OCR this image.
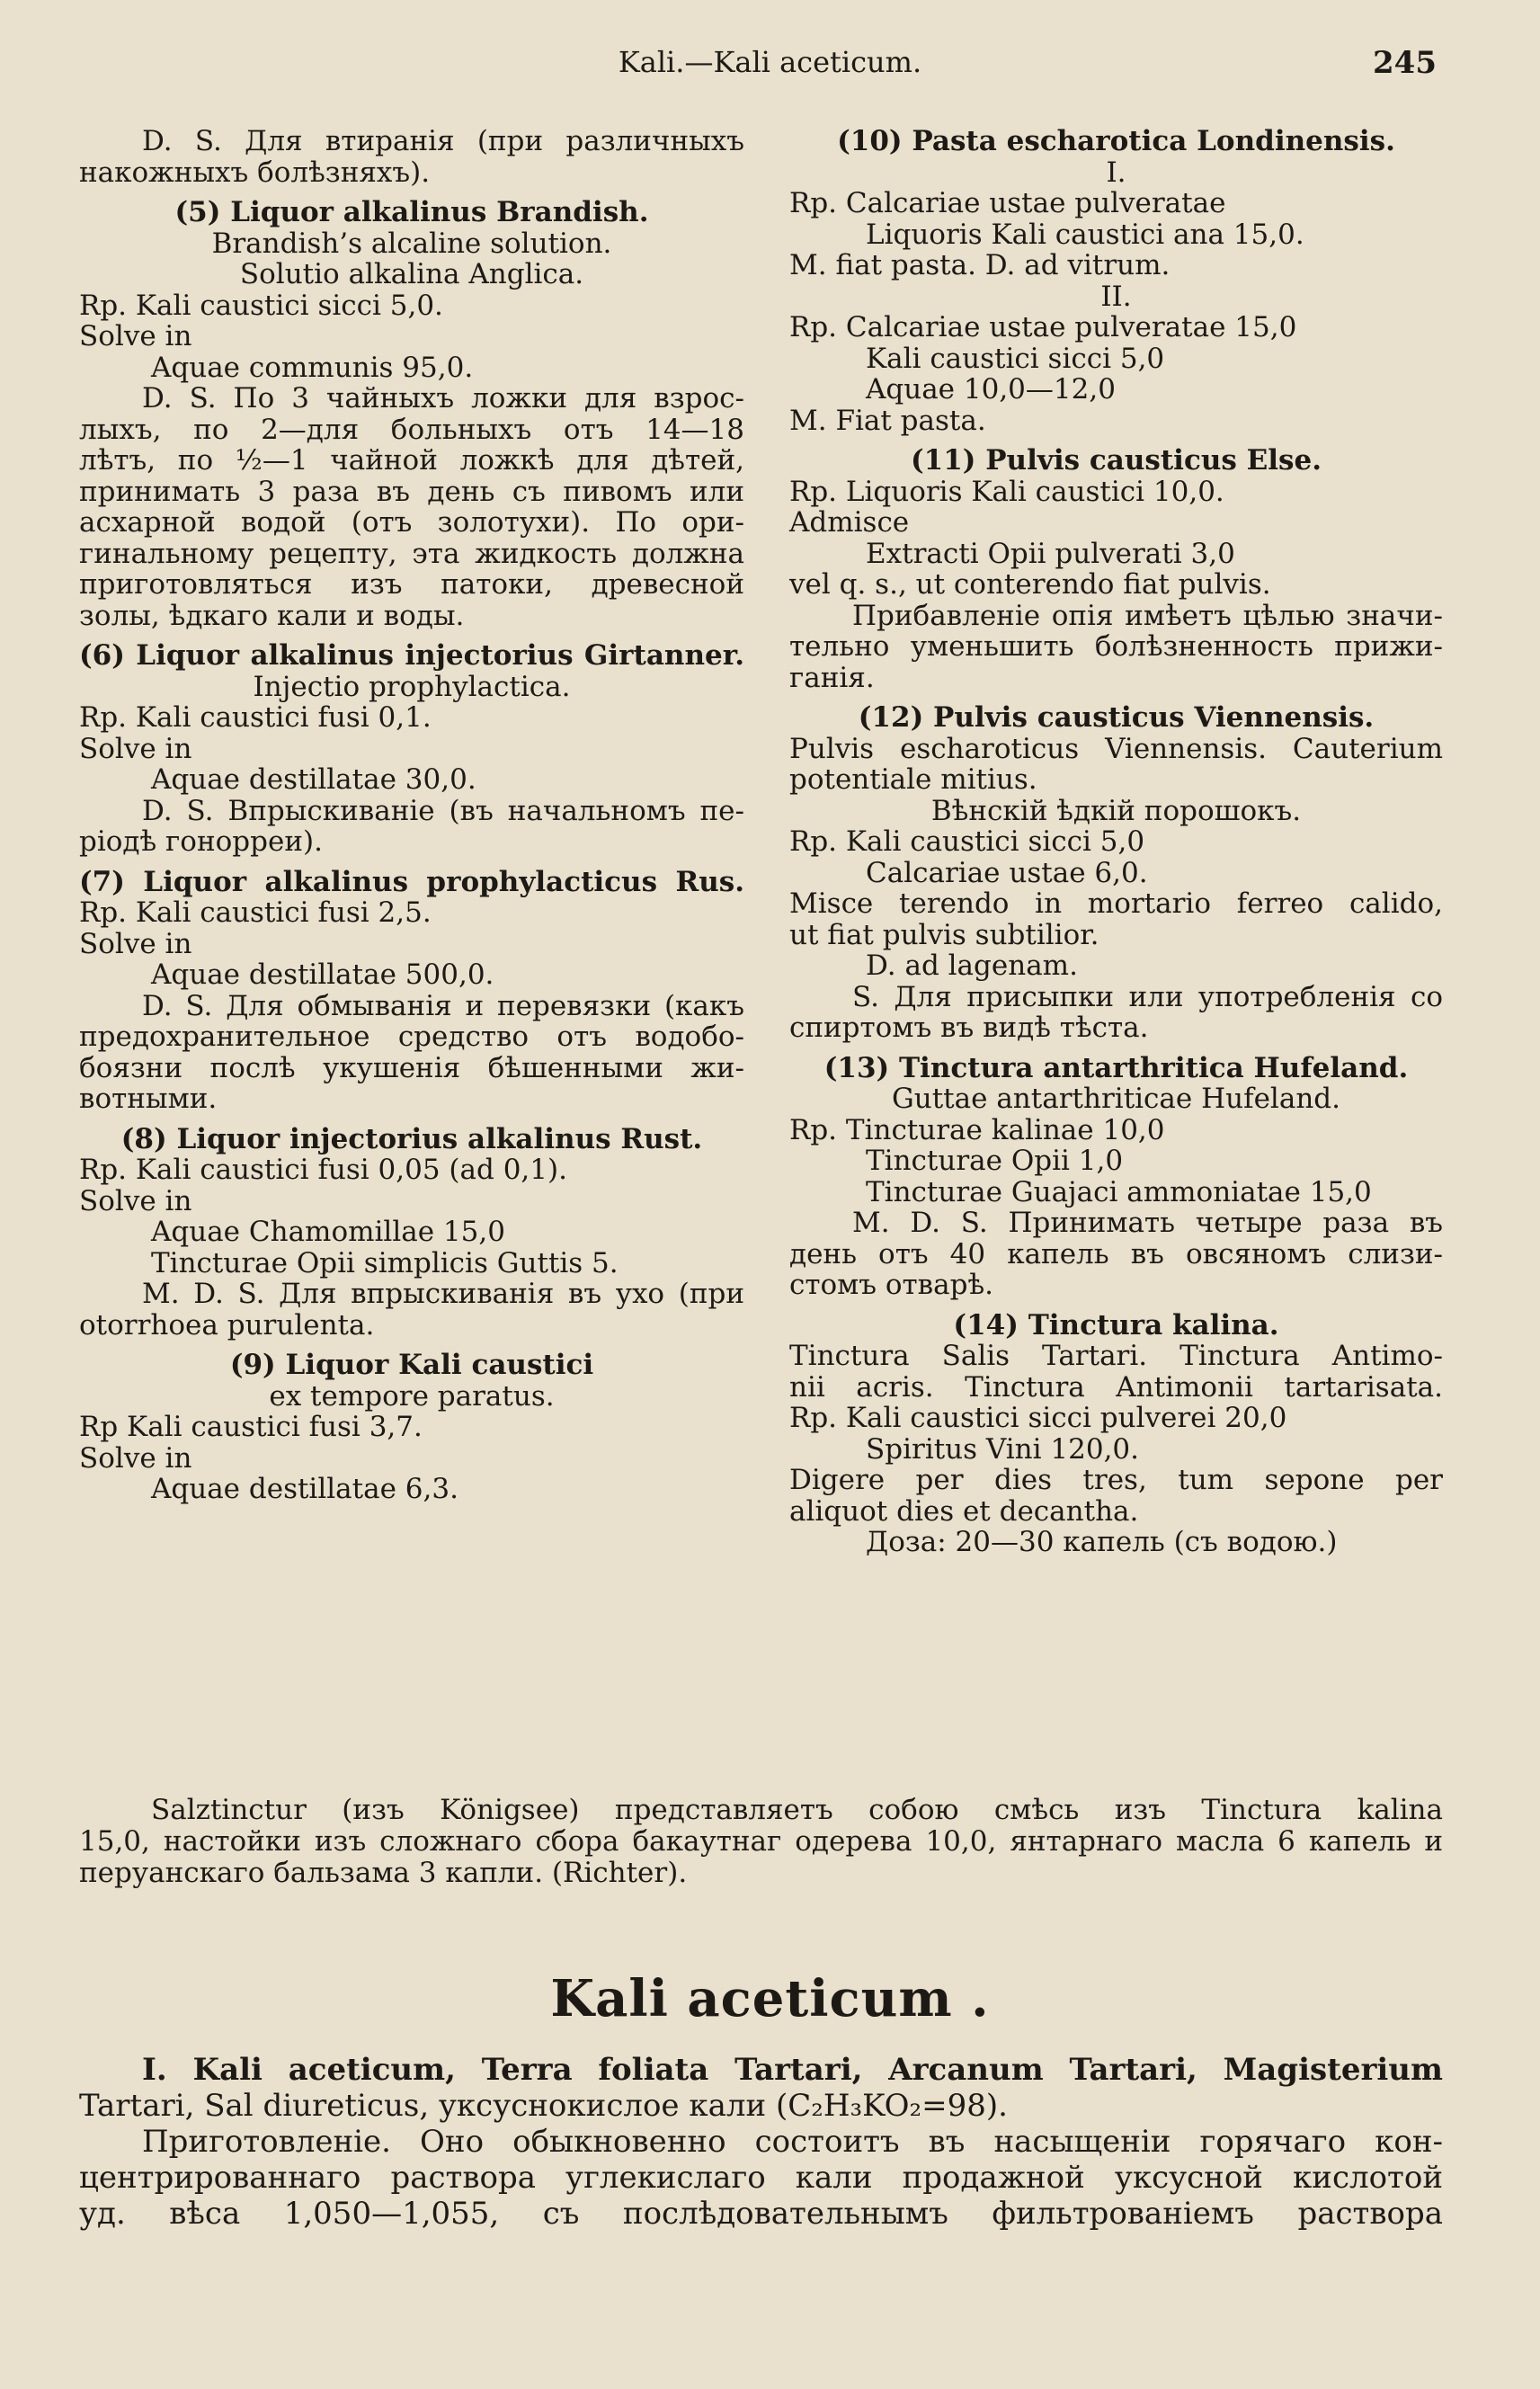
Kali.—Kali aceticum.	245

D. S. Для втиранія (при различныхъ

накожныхъ болѣзняхъ).

(5) Liquor alkalinus Brandish.

Brandish’s alcaline solution.

Solutio alkalina Anglica.

Rp. Kali caustici sicci 5,0.

Solve in

Aquae communis 95,0.

D. S. По 3 чайныхъ ложки для взрос-

лыхъ, по 2—для больныхъ отъ 14—18

лѣтъ, по ½—1 чайной ложкѣ для дѣтей,

принимать 3 раза въ день съ пивомъ или

асхарной водой (отъ золотухи). По ори-

гинальному рецепту, эта жидкость должна

приготовляться изъ патоки, древесной

золы, ѣдкаго кали и воды.

(6) Liquor alkalinus injectorius Girtanner.

Injectio prophylactica.

Rp. Kali caustici fusi 0,1.

Solve in

Aquae destillatae 30,0.

D. S. Впрыскиваніе (въ начальномъ пе-

ріодѣ гонорреи).

(7) Liquor alkalinus prophylacticus Rus.

Rp. Kali caustici fusi 2,5.

Solve in

Aquae destillatae 500,0.

D. S. Для обмыванія и перевязки (какъ

предохранительное средство отъ водобо-

боязни послѣ укушенія бѣшенными жи-

вотными.

(8) Liquor injectorius alkalinus Rust.

Rp. Kali caustici fusi 0,05 (ad 0,1).

Solve in

Aquae Chamomillae 15,0

Tincturae Opii simplicis Guttis 5.

M. D. S. Для впрыскиванія въ ухо (при

otorrhoea purulenta.

(9) Liquor Kali caustici

ex tempore paratus.

Rp Kali caustici fusi 3,7.

Solve in

Aquae destillatae 6,3.

(10) Pasta escharotica Londinensis.

I.

Rp. Calcariae ustae pulveratae

Liquoris Kali caustici ana 15,0.

M. fiat pasta. D. ad vitrum.

II.

Rp. Calcariae ustae pulveratae 15,0

Kali caustici sicci 5,0

Aquae 10,0—12,0

M. Fiat pasta.

(11) Pulvis causticus Else.

Rp. Liquoris Kali caustici 10,0.

Admisce

Extracti Opii pulverati 3,0

vel q. s., ut conterendo fiat pulvis.

Прибавленіе опія имѣетъ цѣлью значи-

тельно уменьшить болѣзненность прижи-

ганія.

(12) Pulvis causticus Viennensis.

Pulvis escharoticus Viennensis. Cauterium

potentiale mitius.

Вѣнскій ѣдкій порошокъ.

Rp. Kali caustici sicci 5,0

Calcariae ustae 6,0.

Misce terendo in mortario ferreo calido,

ut fiat pulvis subtilior.

D. ad lagenam.

S. Для присыпки или употребленія со

спиртомъ въ видѣ тѣста.

(13) Tinctura antarthritica Hufeland.

Guttae antarthriticae Hufeland.

Rp. Tincturae kalinae 10,0

Tincturae Opii 1,0

Tincturae Guajaci ammoniatae 15,0

M. D. S. Принимать четыре раза въ

день отъ 40 капель въ овсяномъ слизи-

стомъ отварѣ.

(14) Tinctura kalina.

Tinctura Salis Tartari. Tinctura Antimo-

nii acris. Tinctura Antimonii tartarisata.

Rp. Kali caustici sicci pulverei 20,0

Spiritus Vini 120,0.

Digere per dies tres, tum sepone per

aliquot dies et decantha.

Доза: 20—30 капель (съ водою.)

Salztinctur (изъ Königsee) представляетъ собою смѣсь изъ Tinctura kalina

15,0, настойки изъ сложнаго сбора бакаутнаг одерева 10,0, янтарнаго масла 6 капель и

перуанскаго бальзама 3 капли. (Richter).

Kali aceticum .

I. Kali aceticum, Terra foliata Tartari, Arcanum Tartari, Magisterium

Tartari, Sal diureticus, уксуснокислое кали (C₂H₃KO₂=98).

Приготовленіе. Оно обыкновенно состоитъ въ насыщеніи горячаго кон-

центрированнаго раствора углекислаго кали продажной уксусной кислотой

уд. вѣса 1,050—1,055, съ послѣдовательнымъ фильтрованіемъ раствора
